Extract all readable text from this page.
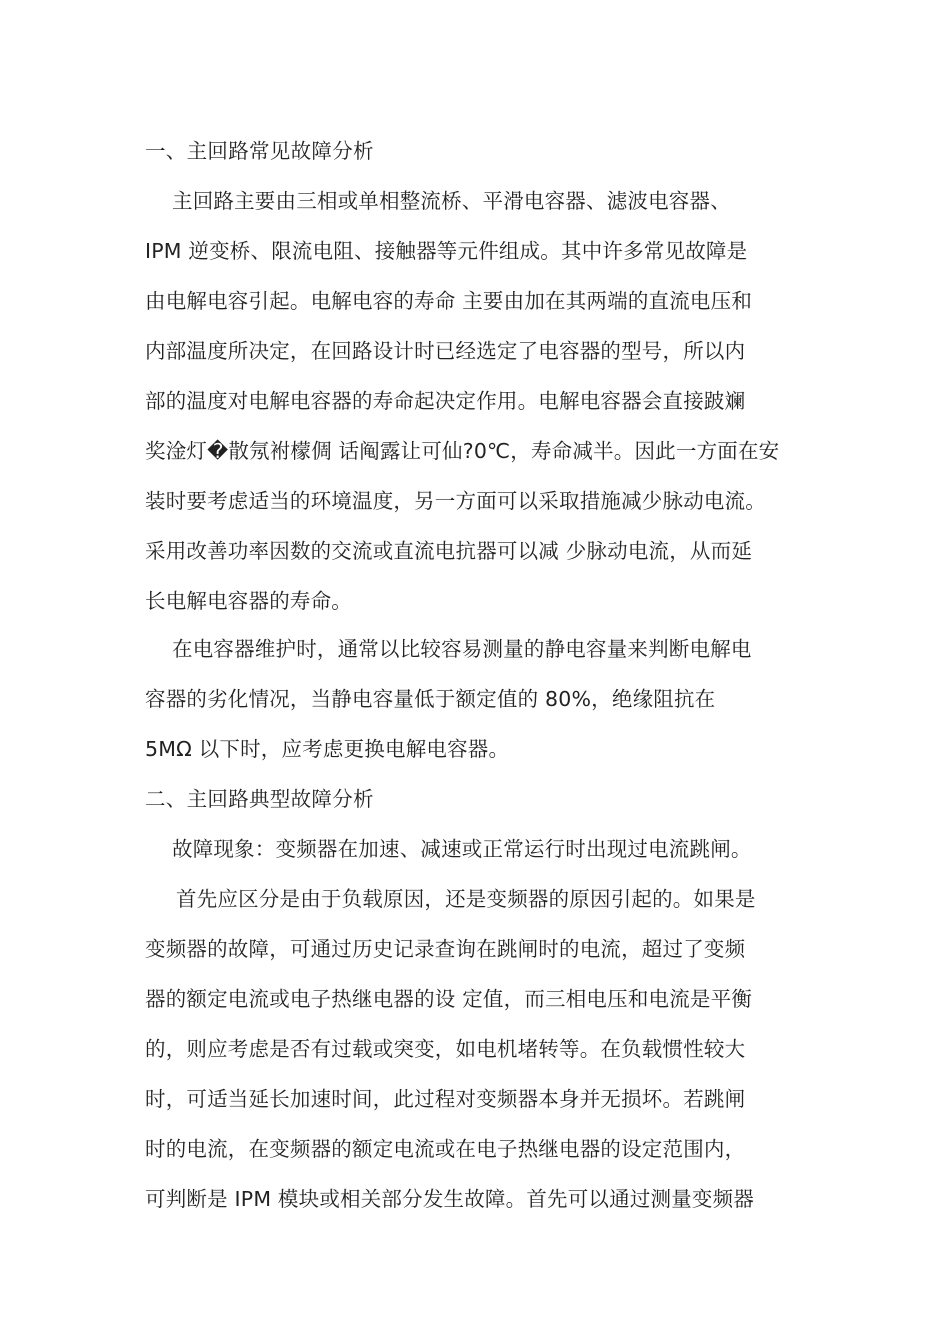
一、主回路常见故障分析
主回路主要由三相或单相整流桥、平滑电容器、滤波电容器、
IPM 逆变桥、限流电阻、接触器等元件组成。其中许多常见故障是
由电解电容引起。电解电容的寿命 主要由加在其两端的直流电压和
内部温度所决定，在回路设计时已经选定了电容器的型号，所以内
部的温度对电解电容器的寿命起决定作用。电解电容器会直接跛斓
奖淦灯�散氖袝檬倜 话阄露让可仙?0℃，寿命减半。因此一方面在安
装时要考虑适当的环境温度，另一方面可以采取措施减少脉动电流。
采用改善功率因数的交流或直流电抗器可以减 少脉动电流，从而延
长电解电容器的寿命。
在电容器维护时，通常以比较容易测量的静电容量来判断电解电
容器的劣化情况，当静电容量低于额定值的 80%，绝缘阻抗在
5MΩ 以下时，应考虑更换电解电容器。
二、主回路典型故障分析
故障现象：变频器在加速、减速或正常运行时出现过电流跳闸。
首先应区分是由于负载原因，还是变频器的原因引起的。如果是
变频器的故障，可通过历史记录查询在跳闸时的电流，超过了变频
器的额定电流或电子热继电器的设 定值，而三相电压和电流是平衡
的，则应考虑是否有过载或突变，如电机堵转等。在负载惯性较大
时，可适当延长加速时间，此过程对变频器本身并无损坏。若跳闸
时的电流，在变频器的额定电流或在电子热继电器的设定范围内，
可判断是 IPM 模块或相关部分发生故障。首先可以通过测量变频器
